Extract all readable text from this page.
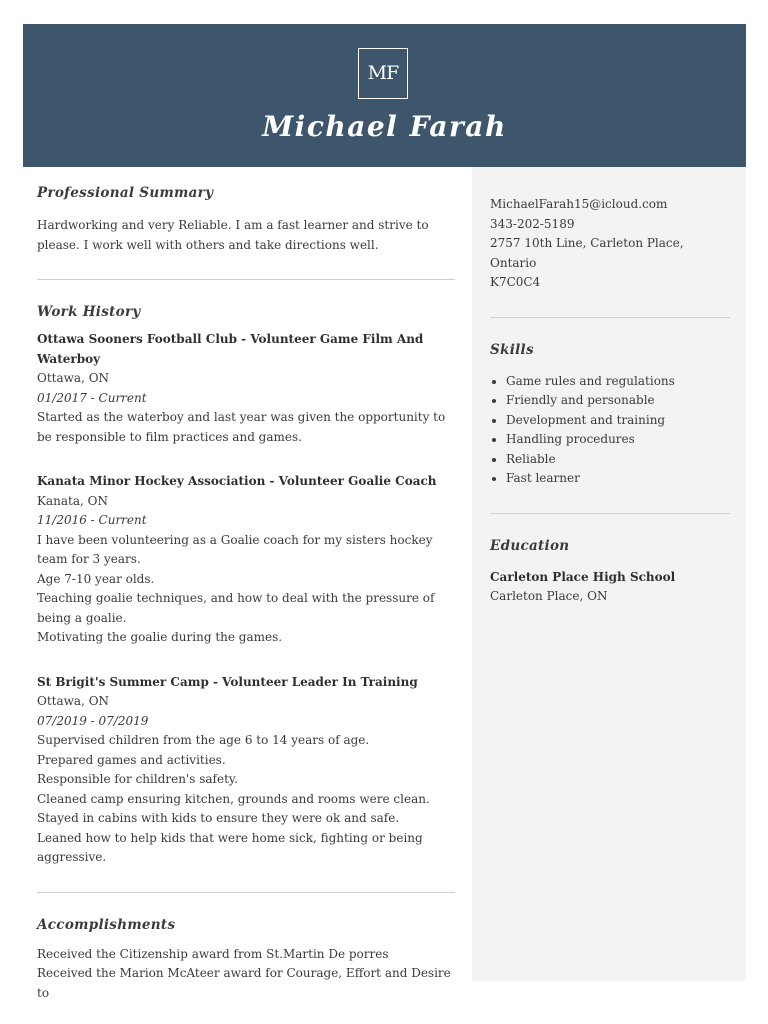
MF
Michael Farah
Professional Summary
Hardworking and very Reliable. I am a fast learner and strive to please. I work well with others and take directions well.
Work History
Ottawa Sooners Football Club - Volunteer Game Film And Waterboy
Ottawa, ON
01/2017 - Current
Started as the waterboy and last year was given the opportunity to be responsible to film practices and games.
Kanata Minor Hockey Association - Volunteer Goalie Coach
Kanata, ON
11/2016 - Current
I have been volunteering as a Goalie coach for my sisters hockey team for 3 years.
Age 7-10 year olds.
Teaching goalie techniques, and how to deal with the pressure of being a goalie.
Motivating the goalie during the games.
St Brigit's Summer Camp - Volunteer Leader In Training
Ottawa, ON
07/2019 - 07/2019
Supervised children from the age 6 to 14 years of age.
Prepared games and activities.
Responsible for children's safety.
Cleaned camp ensuring kitchen, grounds and rooms were clean.
Stayed in cabins with kids to ensure they were ok and safe.
Leaned how to help kids that were home sick, fighting or being aggressive.
Accomplishments
Received the Citizenship award from St.Martin De porres
Received the Marion McAteer award for Courage, Effort and Desire to
MichaelFarah15@icloud.com
343-202-5189
2757 10th Line, Carleton Place, Ontario
K7C0C4
Skills
• Game rules and regulations
• Friendly and personable
• Development and training
• Handling procedures
• Reliable
• Fast learner
Education
Carleton Place High School
Carleton Place, ON
